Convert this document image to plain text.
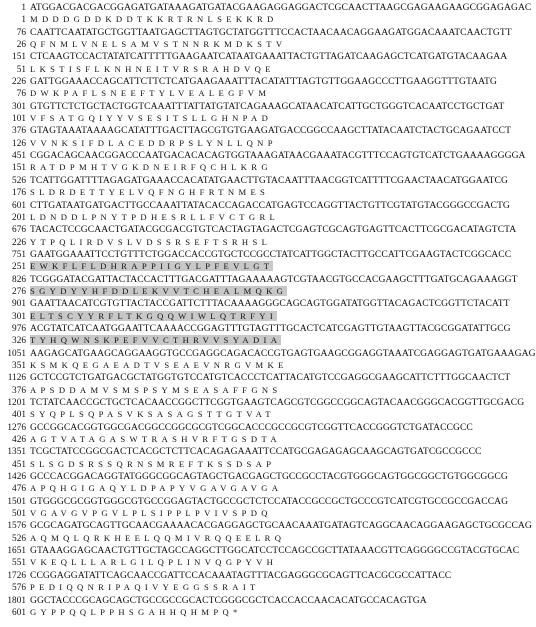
1 ATGGACGACGACGGAGATGATAAAGATGATACGAAGAGGAGGACTCGCAACTTAAGCGAGAAGAAGCGGAGAGAC
1 MDDDGDDKDDTKKRTRNLSEKKRD
76 CAATTCAATATGCTGGTTAATGAGCTTAGTGCTATGGTTTCCACTAACAACAGGAAGATGGACAAATCAACTGTT
26 QFNMLVNELSAMVSTNNRKMDKSTV
151 CTCAAGTCCACTATATCATTTTTGAAGAATCATAATGAAATTACTGTTAGATCAAGAGCTCATGATGTACAAGAA
51 LKSTISFLKNHNEITVRSRAHDVQE
226 GATTGGAAACCAGCATTCTTCTCATGAAGAAATTTACATATTTAGTGTTGGAAGCCCTTGAAGGTTTGTAATG
76 DWKPAFLSNEEFTYLVEALEGFVM
301 GTGTTCTCTGCTACTGGTCAAATTTATTATGTATCAGAAAGCATAACATCATTGCTGGGTCACAATCCTGCTGAT
101 VFSATGQIYYVSESITSLLGHNPAD
376 GTAGTAAATAAAAGCATATTTGACTTAGCGTGTGAAGATGACCGGCCAAGCTTATACAATCTACTGCAGAATCCT
126 VVNKSIFDLACEDDRPSLYNLLQNP
451 CGGACAGCAACGGACCCAATGACACACAGTGGTAAAGATAACGAAATACGTTTCCAGTGTCATCTGAAAAGGGGA
151 RATDPMHTVGKDNEIRFQCHLKRG
526 TCATTGGATTTTAGAGATGAAACCACATATGAACTTGTACAATTTAACGGTCATTTTCGAACTAACATGGAATCG
176 SLDRDETTYELVQFNGHFRTNMES
601 CTTGATAATGATGACTTGCCAAATTATACACCAGACCATGAGTCCAGGTTACTGTTCGTATGTACGGGCCGACTG
201 LDNDDLPNYTPDHESRLLFVCTGRL
676 TACACTCCGCAACTGATACGCGACGTGTCACTAGTAGACTCGAGTCGCAGTGAGTTCACTTCGCGACATAGTCTA
226 YTPQLIRDVSLVDSSRSEFTSRHSL
751 GAATGGAAATTCCTGTTTCTGGACCACCGTGCTCCGCCTATCATTGGCTACTTGCCATTCGAAGTACTCGGCACC
251 EWKFLFLDHRAPPIIGYLPFEVLGT
826 TCGGGATACGATTACTACCACTTTGACGATTTAGAAAAAGTCGTAACGTGCCACGAAGCTTTGATGCAGAAAGGT
276 SGYDYYHFDDLEKVVTCHEALMQKG
901 GAATTAACATCGTGTTACTACCGATTCTTTACAAAAGGGCAGCAGTGGATATGGTTACAGACTCGGTTCTACATT
301 ELTSCYYRFLTKGQQWIWLQTRFYI
976 ACGTATCATCAATGGAATTCAAAACCGGAGTTTGTAGTTTGCACTCATCGAGTTGTAAGTTACGCGGATATTGCG
326 TYHQWNSKPEFVVCTHRVVSYADIA
1051 AAGAGCATGAAGCAGGAAGGTGCCGAGGCAGACACCGTGAGTGAAGCGGAGGTAAATCGAGGAGTGATGAAAGAG
351 KSMKQEGAEADTVSEAEVNRGVMKE
1126 GCTCCGTCTGATGACGCTATGGTGTCCATGTCACCCTCATTACATGTCCGAGGCGAAGCATTCTTTGGCAACTCT
376 APSDDAMVSMSPSYMSEASAFFGNS
1201 TCTATCAACCGCTGCTCACAACCGGCTTCGGTGAAGTCAGCGTCGGCCGGCAGTACAACGGGCACGGTTGCGACG
401 SYQPLSQPASVKSASAGSTTGTVAT
1276 GCCGGCACGGTGGCGACGGCCGGCGCGTCGGCACCCGCCGCGTCGGTTCACCGGGTCTGATACCGCC
426 AGTVATAGASWTRASHVRFTGSDTA
1351 TCGCTATCCGGCGACTCACGCTCTTCACAGAGAAATTCCATGCGAGAGAGCAAGCAGTGATCGCCGCCC
451 SLSGDSRSSQRNSMREFTKSSDSAP
1426 GCCCACGGACAGGTATGGGCGGCAGTAGCTGACGAGCTGCCGCCTACGTGGGCAGTGGCGGCTGTGGCGGCG
476 APQHGIGAQYLDPAPYVGAVGAVGA
1501 GTGGGCGCGGTGGGCGTGCCGGAGTACTGCCGCTCTCCATACCGCCGCTGCCCGTCATCGTGCCGCCGACCAG
501 VGAVGVPGVLPLSIPPLPVIVSPDQ
1576 GCGCAGATGCAGTTGCAACGAAAACACGAGGAGCTGCAACAAATGATAGTCAGGCAACAGGAAGAGCTGCGCCAG
526 AQMQLQRKHEELQQMIVRQQEELRQ
1651 GTAAAGGAGCAACTGTTGCTAGCCAGGCTTGGCATCCTCCAGCCGCTTATAAACGTTCAGGGGCCGTACGTGCAC
551 VKEQLLLARLGILQPLINVQGPYVH
1726 CCGGAGGATATTCAGCAACCGATTCCACAAATAGTTTACGAGGGCGCAGTTCACGCGCCATTACC
576 PEDIQQNRIPAQIVYEGGSSRAIT
1801 GGCTACCCGCAGCAGCTGCCGCCGCACTCGGGCGCTCACCACCAACACATGCCACAGTGA
601 GYPPQQLPPHSGAHHQHMPQ*
